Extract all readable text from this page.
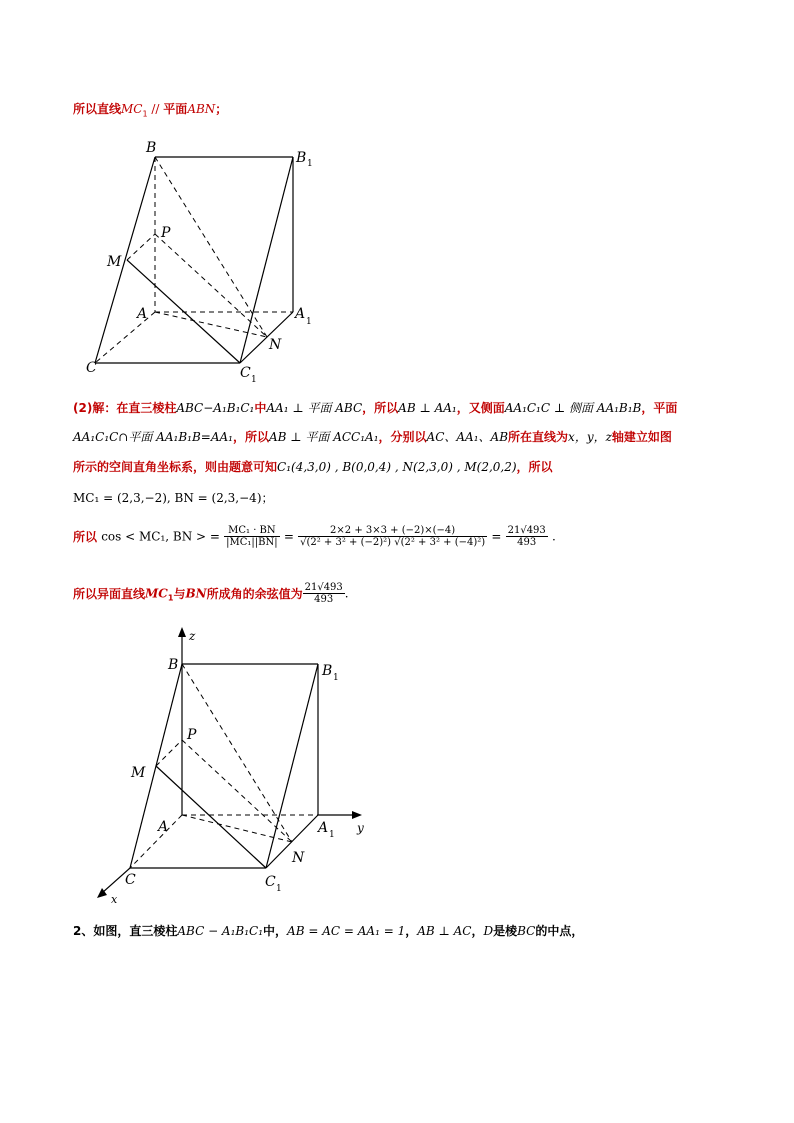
所以直线$MC_1$ // 平面ABN；
B
B 1
P
M
A	A 1
N
C	C 1
(2)解：在直三棱柱ABC−A₁B₁C₁中AA₁ ⊥ 平面 ABC，所以AB ⊥ AA₁，又侧面AA₁C₁C ⊥ 侧面 AA₁B₁B，平面
AA₁C₁C∩平面 AA₁B₁B=AA₁，所以AB ⊥ 平面 ACC₁A₁，分别以AC、AA₁、AB所在直线为x，y，z轴建立如图
所示的空间直角坐标系，则由题意可知C₁(4,3,0) , B(0,0,4) , N(2,3,0) , M(2,0,2)，所以
MC₁ = (2,3,−2), BN = (2,3,−4)；
所以 cos < MC₁, BN > = $\frac{\text{MC₁ · BN}}{\text{|MC₁||BN|}} = \frac{2\times 2 + 3\times 3 + (-2)\times(-4)}{\text{√(2² + 3² + (−2)²) √(2² + 3² + (−4)²)}} = \frac{21√493}{493}$ .
所以异面直线$MC_1$与BN所成角的余弦值为 $\frac{21√493}{493}$ .
z
B	B 1
P
M
A	A 1 y
N
C	C 1
x
2、如图，直三棱柱ABC − A₁B₁C₁中，AB = AC = AA₁ = 1，AB ⊥ AC，D是棱BC的中点，
